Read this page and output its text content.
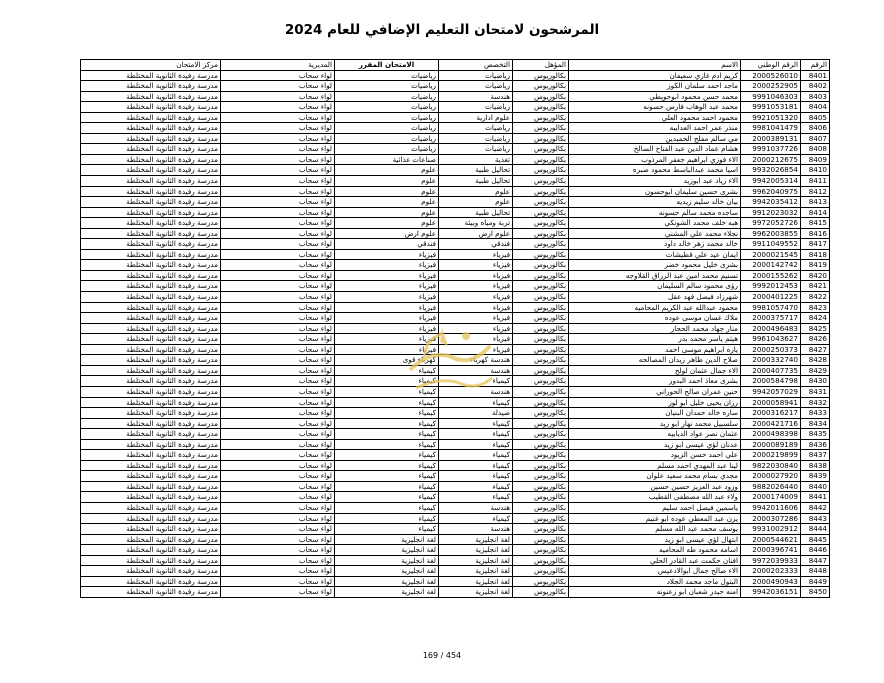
المرشحون لامتحان التعليم الإضافي للعام 2024
الرقم	الرقم الوطني	الاسم	المؤهل	التخصص	الامتحان المقرر	المديرية	مركز الامتحان
8401	2000526010	كريم ادم غازي سعيفان	بكالوريوس	رياضيات	رياضيات	لواء سحاب	مدرسة رفيدة الثانوية المختلطة
8402	2000252905	ماجد احمد سلمان الكوز	بكالوريوس	رياضيات	رياضيات	لواء سحاب	مدرسة رفيدة الثانوية المختلطة
8403	9991046303	محمد حسن محمود ابوحويطي	بكالوريوس	هندسة	رياضيات	لواء سحاب	مدرسة رفيدة الثانوية المختلطة
8404	9991053181	محمد عبد الوهاب فارس حسونه	بكالوريوس	رياضيات	رياضيات	لواء سحاب	مدرسة رفيدة الثانوية المختلطة
8405	9921051320	محمود احمد محمود العلي	بكالوريوس	علوم ادارية	رياضيات	لواء سحاب	مدرسة رفيدة الثانوية المختلطة
8406	9981041479	منذر عمر احمد العدايبه	بكالوريوس	رياضيات	رياضيات	لواء سحاب	مدرسة رفيدة الثانوية المختلطة
8407	2000389131	مي سالم مفلح الحميدين	بكالوريوس	رياضيات	رياضيات	لواء سحاب	مدرسة رفيدة الثانوية المختلطة
8408	9991037726	هشام عماد الدين عبد الفتاح السالخ	بكالوريوس	رياضيات	رياضيات	لواء سحاب	مدرسة رفيدة الثانوية المختلطة
8409	2000212675	الاء فوزي ابراهيم جعفر المرذوب	بكالوريوس	تغذية	صناعات غذائية	لواء سحاب	مدرسة رفيدة الثانوية المختلطة
8410	9932026854	اسيا محمد عبدالباسط محمود صبره	بكالوريوس	تحاليل طبية	علوم	لواء سحاب	مدرسة رفيدة الثانوية المختلطة
8411	9942005314	الاء زياد عبد ابوزيد	بكالوريوس	تحاليل طبية	علوم	لواء سحاب	مدرسة رفيدة الثانوية المختلطة
8412	9962040975	بشرى حسين سليمان ابوحسون	بكالوريوس	علوم	علوم	لواء سحاب	مدرسة رفيدة الثانوية المختلطة
8413	9942035412	بيان خالد سليم زيديه	بكالوريوس	علوم	علوم	لواء سحاب	مدرسة رفيدة الثانوية المختلطة
8414	9912023032	ساجده محمد سالم حسونه	بكالوريوس	تحاليل طبية	علوم	لواء سحاب	مدرسة رفيدة الثانوية المختلطة
8415	9972052726	هبه خلف محمد الشونكي	بكالوريوس	تربة ومياه وبيئة	علوم	لواء سحاب	مدرسة رفيدة الثانوية المختلطة
8416	9962003855	نجلاء محمد علي المشني	بكالوريوس	علوم ارض	علوم ارض	لواء سحاب	مدرسة رفيدة الثانوية المختلطة
8417	9911049552	خالد محمد زهر خالد داود	بكالوريوس	فندقي	فندقي	لواء سحاب	مدرسة رفيدة الثانوية المختلطة
8418	2000021545	ايمان عيد علي قطيشات	بكالوريوس	فيزياء	فيزياء	لواء سحاب	مدرسة رفيدة الثانوية المختلطة
8419	2000142742	بشرى خليل محمود خضر	بكالوريوس	فيزياء	فيزياء	لواء سحاب	مدرسة رفيدة الثانوية المختلطة
8420	2000155262	تسنيم محمد امين عبد الرزاق القلاوجه	بكالوريوس	فيزياء	فيزياء	لواء سحاب	مدرسة رفيدة الثانوية المختلطة
8421	9992012453	رؤى محمود سالم السليمان	بكالوريوس	فيزياء	فيزياء	لواء سحاب	مدرسة رفيدة الثانوية المختلطة
8422	2000401225	شهرزاد فيصل فهد عقل	بكالوريوس	فيزياء	فيزياء	لواء سحاب	مدرسة رفيدة الثانوية المختلطة
8423	9981057470	محمود عبدالله عبد الكريم المحاميه	بكالوريوس	فيزياء	فيزياء	لواء سحاب	مدرسة رفيدة الثانوية المختلطة
8424	2000375717	ملاك غسان موسى عوده	بكالوريوس	فيزياء	فيزياء	لواء سحاب	مدرسة رفيدة الثانوية المختلطة
8425	2000496483	منار جهاد محمد الحجار	بكالوريوس	فيزياء	فيزياء	لواء سحاب	مدرسة رفيدة الثانوية المختلطة
8426	9961043627	هيثم ياسر محمد بدر	بكالوريوس	فيزياء	فيزياء	لواء سحاب	مدرسة رفيدة الثانوية المختلطة
8427	2000250373	ياره ابراهيم موسى احمد	بكالوريوس	فيزياء	فيزياء	لواء سحاب	مدرسة رفيدة الثانوية المختلطة
8428	2000332740	صلاح الدين ظاهر زيدان المصالحه	بكالوريوس	هندسة كهرباء	كهرباء قوى	لواء سحاب	مدرسة رفيدة الثانوية المختلطة
8429	2000407735	الاء جمال عثمان لولح	بكالوريوس	هندسة	كيمياء	لواء سحاب	مدرسة رفيدة الثانوية المختلطة
8430	2000584798	بشرى معاذ احمد البدور	بكالوريوس	كيمياء	كيمياء	لواء سحاب	مدرسة رفيدة الثانوية المختلطة
8431	9942057029	حنين عمران صالح الحوراني	بكالوريوس	هندسة	كيمياء	لواء سحاب	مدرسة رفيدة الثانوية المختلطة
8432	2000058941	رزان يحيى خليل ابو لوز	بكالوريوس	كيمياء	كيمياء	لواء سحاب	مدرسة رفيدة الثانوية المختلطة
8433	2000316217	ساره خالد حمدان البنيان	بكالوريوس	صيدلة	كيمياء	لواء سحاب	مدرسة رفيدة الثانوية المختلطة
8434	2000421716	سلسبيل محمد نهار ابو زيد	بكالوريوس	كيمياء	كيمياء	لواء سحاب	مدرسة رفيدة الثانوية المختلطة
8435	2000498398	عثمان نصر عواد الديابيه	بكالوريوس	كيمياء	كيمياء	لواء سحاب	مدرسة رفيدة الثانوية المختلطة
8436	2000089189	عدنان لؤي عيسى ابو زيد	بكالوريوس	كيمياء	كيمياء	لواء سحاب	مدرسة رفيدة الثانوية المختلطة
8437	2000219899	علي احمد حسن الزيود	بكالوريوس	كيمياء	كيمياء	لواء سحاب	مدرسة رفيدة الثانوية المختلطة
8438	9822030840	لينا عبد المهدي احمد مسلم	بكالوريوس	كيمياء	كيمياء	لواء سحاب	مدرسة رفيدة الثانوية المختلطة
8439	2000027920	مجدي بسام محمد سعيد علوان	بكالوريوس	كيمياء	كيمياء	لواء سحاب	مدرسة رفيدة الثانوية المختلطة
8440	9882026440	ورود عبد العزيز حسين حسين	بكالوريوس	كيمياء	كيمياء	لواء سحاب	مدرسة رفيدة الثانوية المختلطة
8441	2000174009	ولاء عبد الله مصطفى القطيب	بكالوريوس	كيمياء	كيمياء	لواء سحاب	مدرسة رفيدة الثانوية المختلطة
8442	9942011606	ياسمين فيصل احمد سليم	بكالوريوس	هندسة	كيمياء	لواء سحاب	مدرسة رفيدة الثانوية المختلطة
8443	2000307286	يزن عبد المعطي عوده ابو غنيم	بكالوريوس	كيمياء	كيمياء	لواء سحاب	مدرسة رفيدة الثانوية المختلطة
8444	9931002912	يوسف محمد عبد الله مسلم	بكالوريوس	هندسة	كيمياء	لواء سحاب	مدرسة رفيدة الثانوية المختلطة
8445	2000544621	ابتهال لؤي عيسى ابو زيد	بكالوريوس	لغة انجليزية	لغة انجليزية	لواء سحاب	مدرسة رفيدة الثانوية المختلطة
8446	2000396741	اسامه محمود طه المحاميه	بكالوريوس	لغة انجليزية	لغة انجليزية	لواء سحاب	مدرسة رفيدة الثانوية المختلطة
8447	9972039933	افنان حكمت عبد القادر الحلي	بكالوريوس	لغة انجليزية	لغة انجليزية	لواء سحاب	مدرسة رفيدة الثانوية المختلطة
8448	2000202333	الاء صالح جمال ابوالادعيس	بكالوريوس	لغة انجليزية	لغة انجليزية	لواء سحاب	مدرسة رفيدة الثانوية المختلطة
8449	2000490943	البتول ماجد محمد الجلاد	بكالوريوس	لغة انجليزية	لغة انجليزية	لواء سحاب	مدرسة رفيدة الثانوية المختلطة
8450	9942036151	امنه حيدر شعبان ابو زعنونه	بكالوريوس	لغة انجليزية	لغة انجليزية	لواء سحاب	مدرسة رفيدة الثانوية المختلطة
169 / 454
